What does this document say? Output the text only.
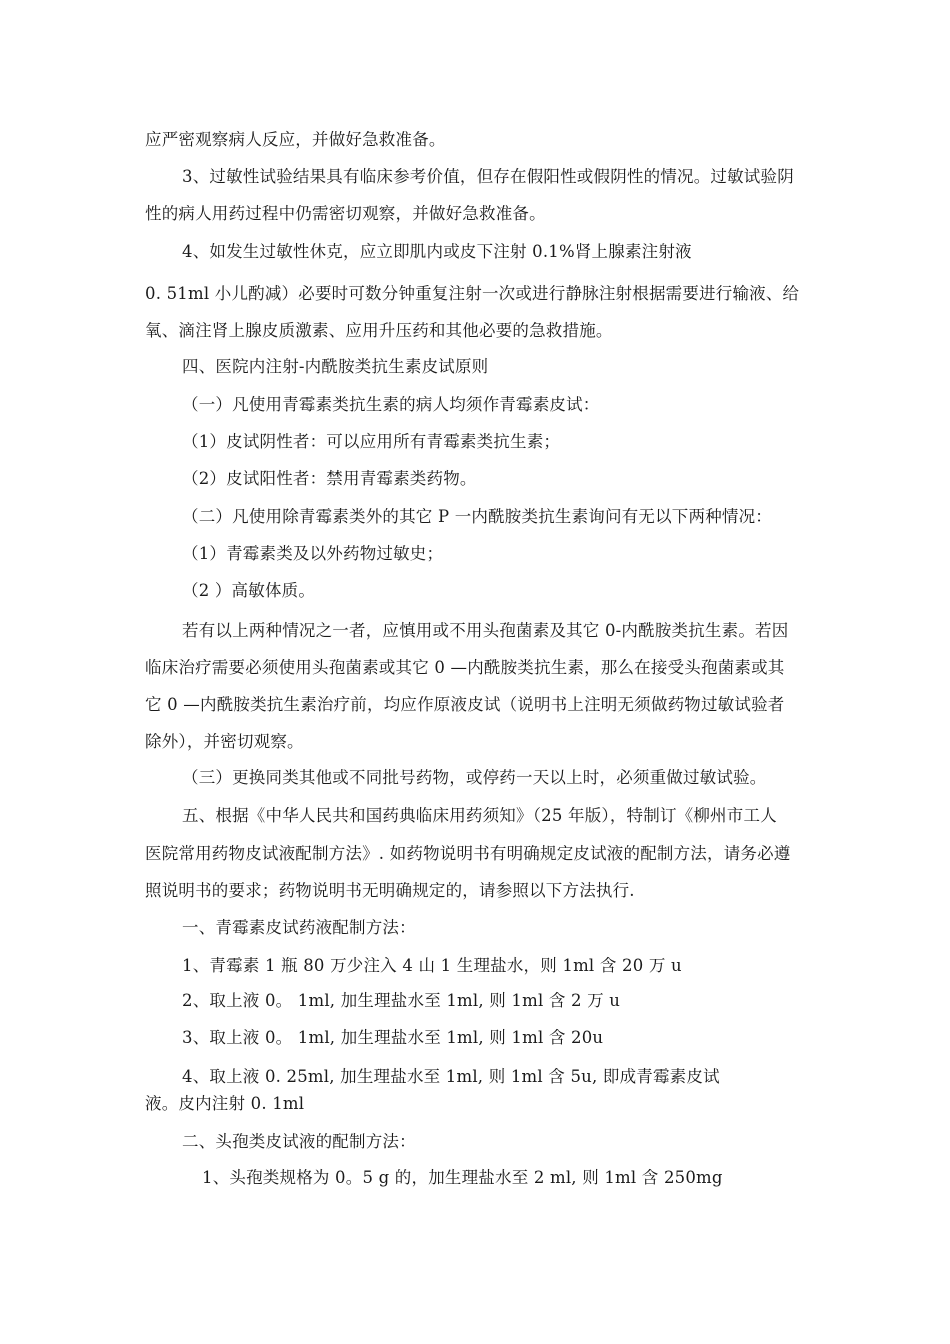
应严密观察病人反应，并做好急救准备。
3、过敏性试验结果具有临床参考价值，但存在假阳性或假阴性的情况。过敏试验阴
性的病人用药过程中仍需密切观察，并做好急救准备。
4、如发生过敏性休克，应立即肌内或皮下注射 0.1%肾上腺素注射液
0. 51ml 小儿酌减）必要时可数分钟重复注射一次或进行静脉注射根据需要进行输液、给
氧、滴注肾上腺皮质激素、应用升压药和其他必要的急救措施。
四、医院内注射-内酰胺类抗生素皮试原则
（一）凡使用青霉素类抗生素的病人均须作青霉素皮试：
（1）皮试阴性者：可以应用所有青霉素类抗生素；
（2）皮试阳性者：禁用青霉素类药物。
（二）凡使用除青霉素类外的其它 P 一内酰胺类抗生素询问有无以下两种情况：
（1）青霉素类及以外药物过敏史；
（2 ）高敏体质。
若有以上两种情况之一者，应慎用或不用头孢菌素及其它 0-内酰胺类抗生素。若因
临床治疗需要必须使用头孢菌素或其它 0 —内酰胺类抗生素，那么在接受头孢菌素或其
它 0 —内酰胺类抗生素治疗前，均应作原液皮试（说明书上注明无须做药物过敏试验者
除外），并密切观察。
（三）更换同类其他或不同批号药物，或停药一天以上时，必须重做过敏试验。
五、根据《中华人民共和国药典临床用药须知》（25 年版），特制订《柳州市工人
医院常用药物皮试液配制方法》. 如药物说明书有明确规定皮试液的配制方法，请务必遵
照说明书的要求；药物说明书无明确规定的，请参照以下方法执行.
一、青霉素皮试药液配制方法：
1、青霉素 1 瓶 80 万少注入 4 山 1 生理盐水，则 1ml 含 20 万 u
2、取上液 0。 1ml, 加生理盐水至 1ml, 则 1ml 含 2 万 u
3、取上液 0。 1ml, 加生理盐水至 1ml, 则 1ml 含 20u
4、取上液 0. 25ml, 加生理盐水至 1ml, 则 1ml 含 5u, 即成青霉素皮试
液。皮内注射 0. 1ml
二、头孢类皮试液的配制方法：
1、头孢类规格为 0。5 g 的，加生理盐水至 2 ml, 则 1ml 含 250mg
